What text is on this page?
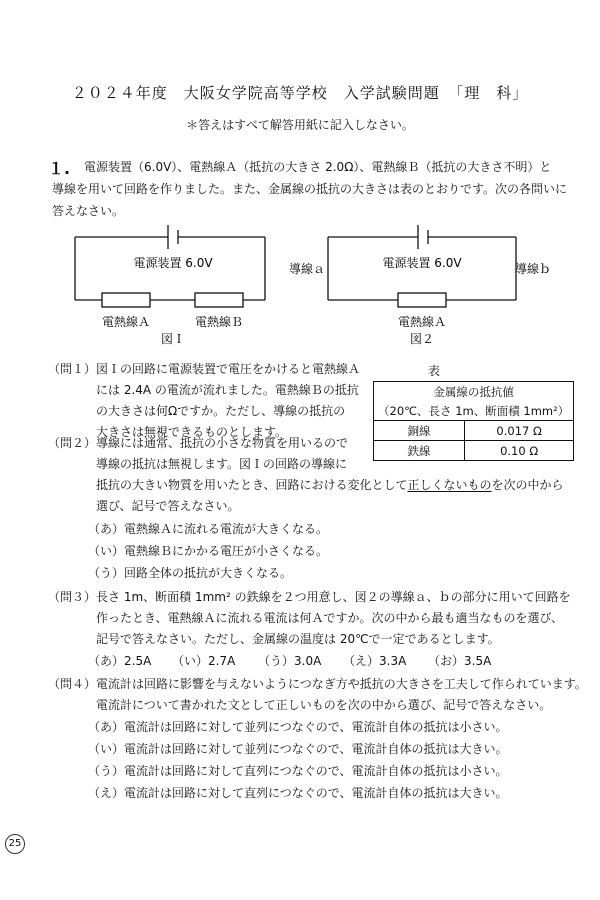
２０２４年度　大阪女学院高等学校　入学試験問題　「理　科」
＊答えはすべて解答用紙に記入しなさい。
１. 電源装置（6.0V）、電熱線Ａ（抵抗の大きさ 2.0Ω）、電熱線Ｂ（抵抗の大きさ不明）と
導線を用いて回路を作りました。また、金属線の抵抗の大きさは表のとおりです。次の各問いに
答えなさい。
電源装置 6.0V
電熱線Ａ	電熱線Ｂ
図Ｉ
電源装置 6.0V
導線ａ	導線ｂ
電熱線Ａ
図２
（問１） 図Ｉの回路に電源装置で電圧をかけると電熱線Ａ
には 2.4A の電流が流れました。電熱線Ｂの抵抗
の大きさは何Ωですか。ただし、導線の抵抗の
大きさは無視できるものとします。
表
金属線の抵抗値	
（20℃、長さ 1m、断面積 1mm²）	
銅線	0.017 Ω
鉄線	0.10 Ω
（問２） 導線には通常、抵抗の小さな物質を用いるので
導線の抵抗は無視します。図Ｉの回路の導線に
抵抗の大きい物質を用いたとき、回路における変化として正しくないものを次の中から
選び、記号で答えなさい。
（あ）電熱線Ａに流れる電流が大きくなる。
（い）電熱線Ｂにかかる電圧が小さくなる。
（う）回路全体の抵抗が大きくなる。
（問３） 長さ 1m、断面積 1mm² の鉄線を２つ用意し、図２の導線ａ、ｂの部分に用いて回路を
作ったとき、電熱線Ａに流れる電流は何Ａですか。次の中から最も適当なものを選び、
記号で答えなさい。ただし、金属線の温度は 20℃で一定であるとします。
（あ）2.5A （い）2.7A （う）3.0A （え）3.3A （お）3.5A
（問４） 電流計は回路に影響を与えないようにつなぎ方や抵抗の大きさを工夫して作られています。
電流計について書かれた文として正しいものを次の中から選び、記号で答えなさい。
（あ）電流計は回路に対して並列につなぐので、電流計自体の抵抗は小さい。
（い）電流計は回路に対して並列につなぐので、電流計自体の抵抗は大きい。
（う）電流計は回路に対して直列につなぐので、電流計自体の抵抗は小さい。
（え）電流計は回路に対して直列につなぐので、電流計自体の抵抗は大きい。
25
